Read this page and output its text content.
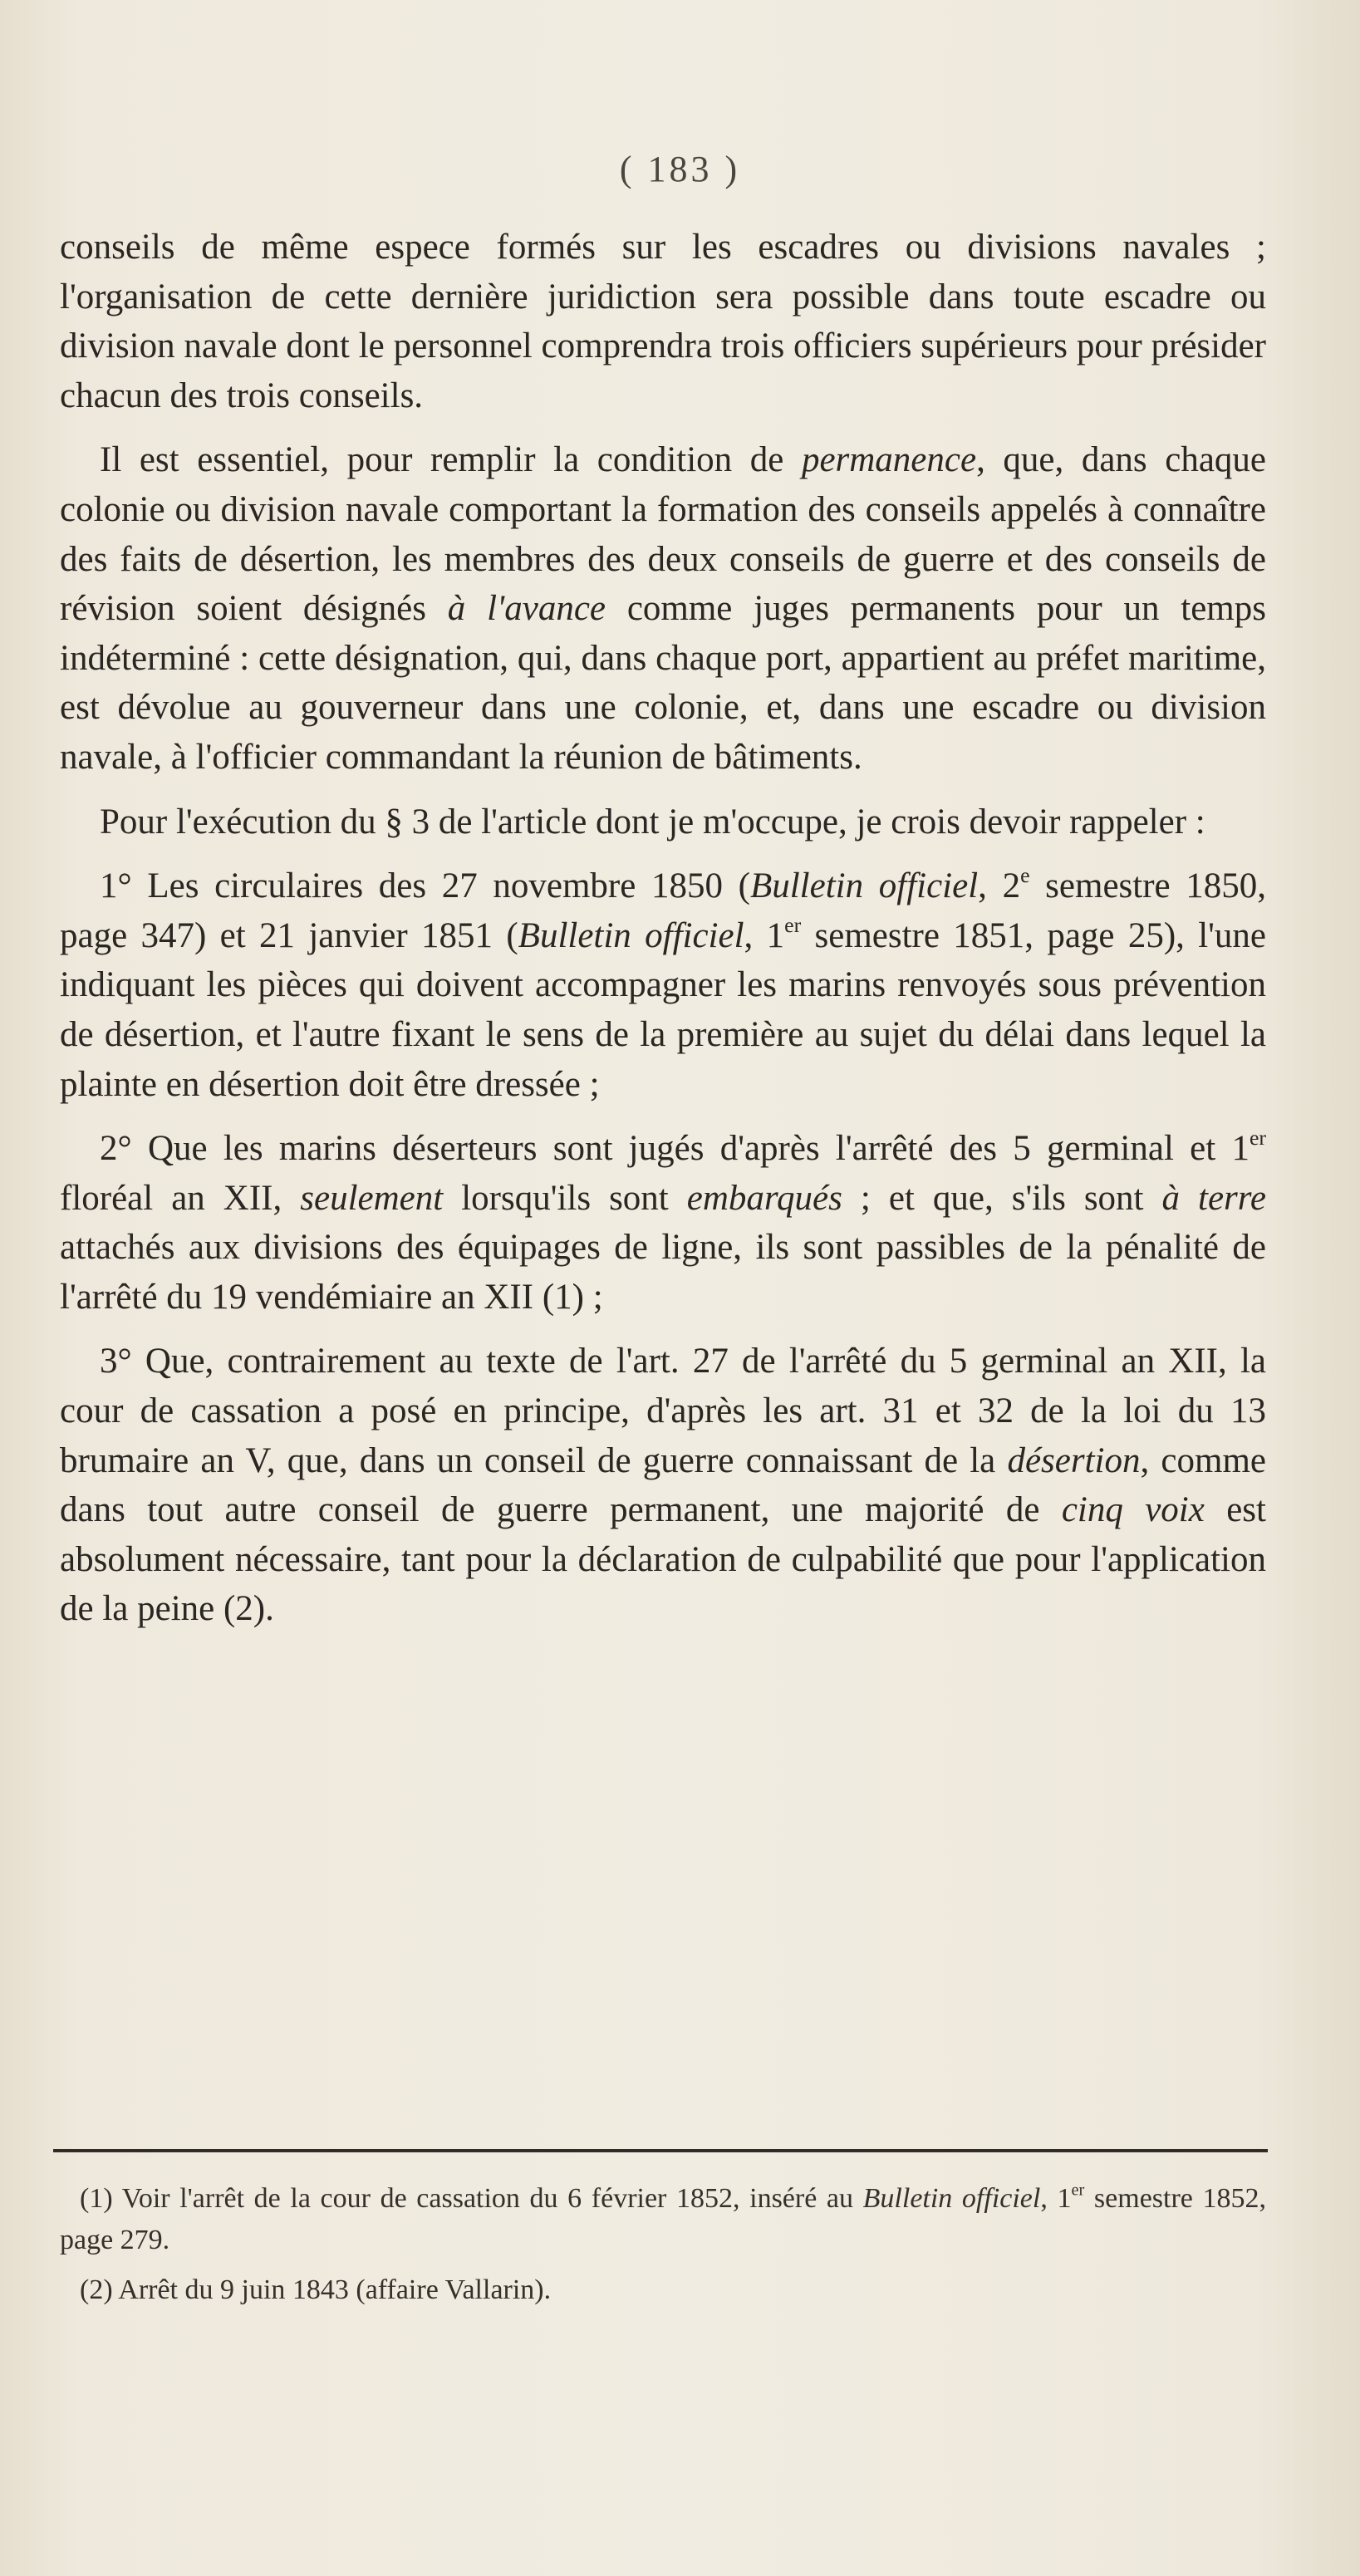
( 183 )

conseils de même espece formés sur les escadres ou divisions navales ; l'organisation de cette dernière juridiction sera possible dans toute escadre ou division navale dont le personnel comprendra trois officiers supérieurs pour présider chacun des trois conseils.

Il est essentiel, pour remplir la condition de permanence, que, dans chaque colonie ou division navale comportant la formation des conseils appelés à connaître des faits de désertion, les membres des deux conseils de guerre et des conseils de révision soient désignés à l'avance comme juges permanents pour un temps indéterminé : cette désignation, qui, dans chaque port, appartient au préfet maritime, est dévolue au gouverneur dans une colonie, et, dans une escadre ou division navale, à l'officier commandant la réunion de bâtiments.

Pour l'exécution du § 3 de l'article dont je m'occupe, je crois devoir rappeler :

1° Les circulaires des 27 novembre 1850 (Bulletin officiel, 2e semestre 1850, page 347) et 21 janvier 1851 (Bulletin officiel, 1er semestre 1851, page 25), l'une indiquant les pièces qui doivent accompagner les marins renvoyés sous prévention de désertion, et l'autre fixant le sens de la première au sujet du délai dans lequel la plainte en désertion doit être dressée ;

2° Que les marins déserteurs sont jugés d'après l'arrêté des 5 germinal et 1er floréal an XII, seulement lorsqu'ils sont embarqués ; et que, s'ils sont à terre attachés aux divisions des équipages de ligne, ils sont passibles de la pénalité de l'arrêté du 19 vendémiaire an XII (1) ;

3° Que, contrairement au texte de l'art. 27 de l'arrêté du 5 germinal an XII, la cour de cassation a posé en principe, d'après les art. 31 et 32 de la loi du 13 brumaire an V, que, dans un conseil de guerre connaissant de la désertion, comme dans tout autre conseil de guerre permanent, une majorité de cinq voix est absolument nécessaire, tant pour la déclaration de culpabilité que pour l'application de la peine (2).

(1) Voir l'arrêt de la cour de cassation du 6 février 1852, inséré au Bulletin officiel, 1er semestre 1852, page 279.

(2) Arrêt du 9 juin 1843 (affaire Vallarin).
